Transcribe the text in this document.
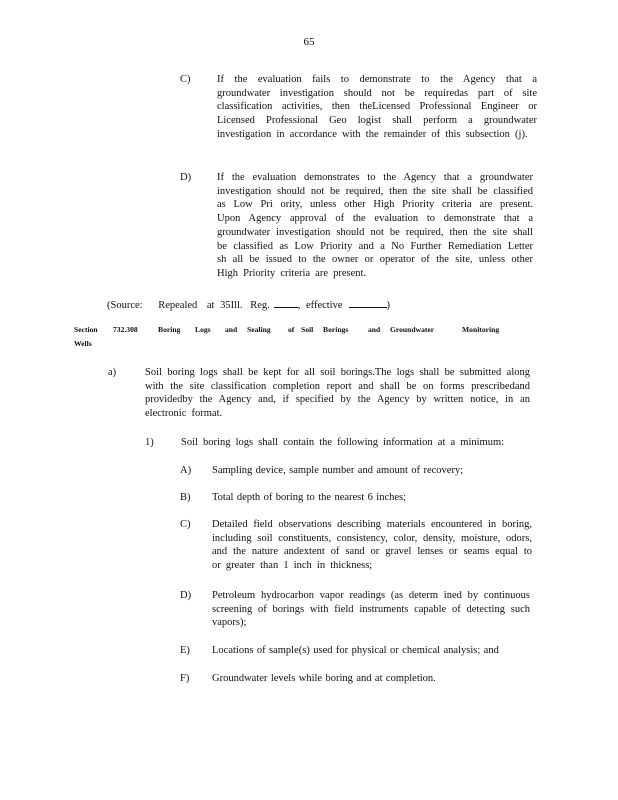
65
C)	If the evaluation fails to demonstrate to the Agency that a groundwater investigation should not be requiredas part of site classification activities, then theLicensed Professional Engineer or Licensed Professional Geo logist shall perform a groundwater investigation in accordance with the remainder of this subsection (j).
D) If the evaluation demonstrates to the Agency that a groundwater investigation should not be required, then the site shall be classified as Low Pri ority, unless other High Priority criteria are present. Upon Agency approval of the evaluation to demonstrate that a groundwater investigation should not be required, then the site shall be classified as Low Priority and a No Further Remediation Letter sh all be issued to the owner or operator of the site, unless other High Priority criteria are present.
(Source: Repealed at 35Ill. Reg.	, effective	)
Section 732.308	Boring Logs and Sealing of Soil Borings	and Groundwater	Monitoring
Wells
a)	Soil boring logs shall be kept for all soil borings.The logs shall be submitted along with the site classification completion report and shall be on forms prescribedand providedby the Agency and, if specified by the Agency by written notice, in an electronic format.
1)	Soil boring logs shall contain the following information at a minimum:
A) Sampling device, sample number and amount of recovery;
B) Total depth of boring to the nearest 6 inches;
C) Detailed field observations describing materials encountered in boring, including soil constituents, consistency, color, density, moisture, odors, and the nature andextent of sand or gravel lenses or seams equal to or greater than 1 inch in thickness;
D) Petroleum hydrocarbon vapor readings (as determ ined by continuous screening of borings with field instruments capable of detecting such vapors);
E) Locations of sample(s) used for physical or chemical analysis; and
F) Groundwater levels while boring and at completion.
